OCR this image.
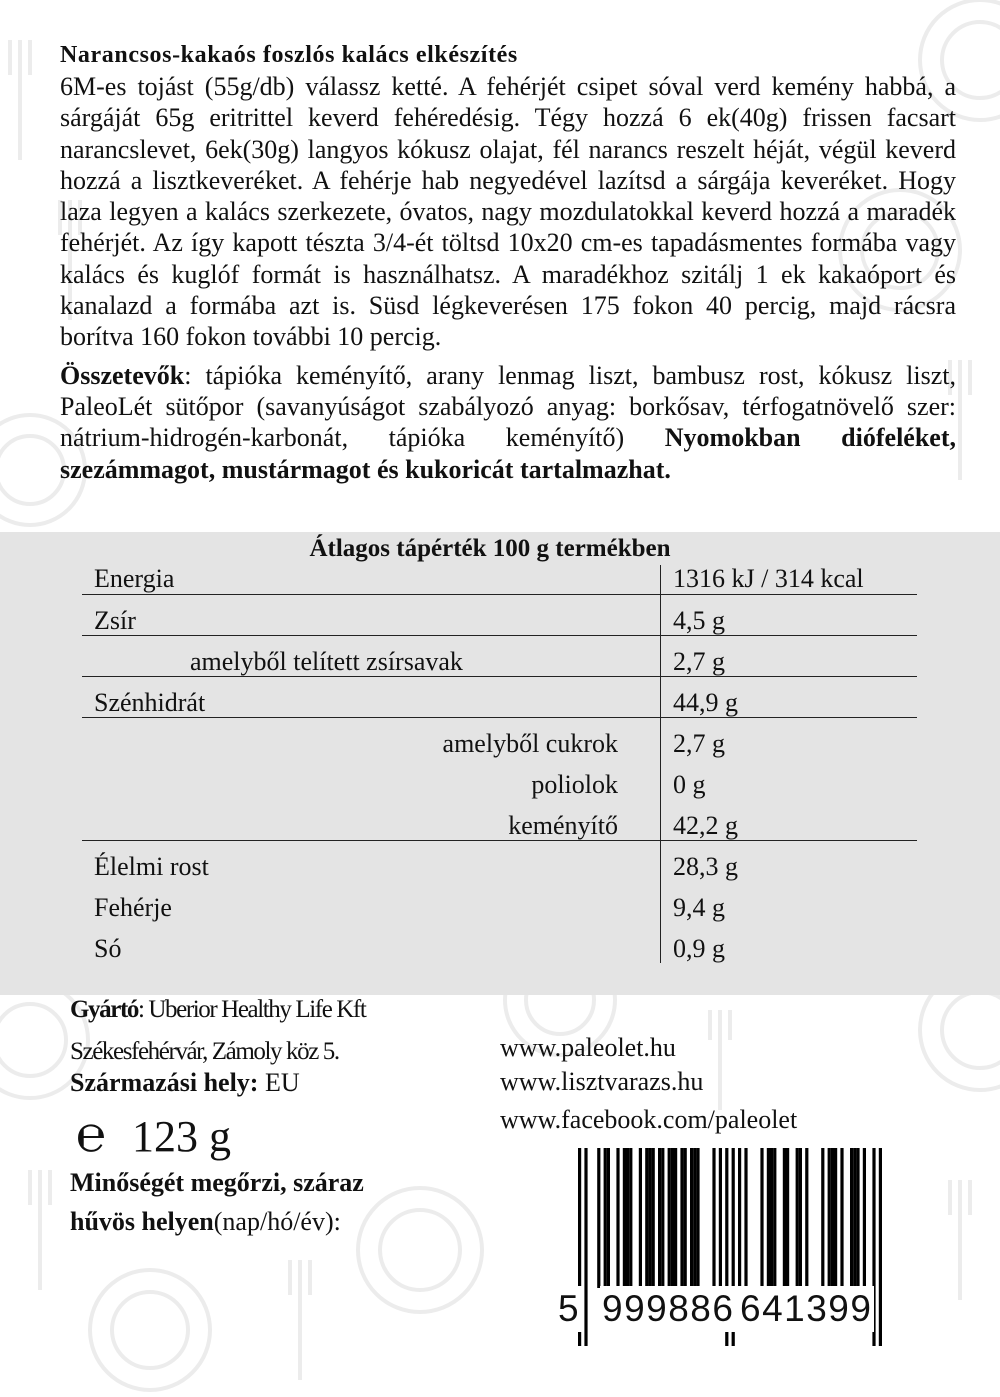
Narancsos-kakaós foszlós kalács elkészítés

6M-es tojást (55g/db) válassz ketté. A fehérjét csipet sóval verd kemény habbá, a sárgáját 65g eritrittel keverd fehéredésig. Tégy hozzá 6 ek(40g) frissen facsart narancslevet, 6ek(30g) langyos kókusz olajat, fél narancs reszelt héját, végül keverd hozzá a lisztkeveréket. A fehérje hab negyedével lazítsd a sárgája keveréket. Hogy laza legyen a kalács szerkezete, óvatos, nagy mozdulatokkal keverd hozzá a maradék fehérjét. Az így kapott tészta 3/4-ét töltsd 10x20 cm-es tapadásmentes formába vagy kalács és kuglóf formát is használhatsz. A maradékhoz szitálj 1 ek kakaóport és kanalazd a formába azt is. Süsd légkeverésen 175 fokon 40 percig, majd rácsra borítva 160 fokon további 10 percig.

Összetevők: tápióka keményítő, arany lenmag liszt, bambusz rost, kókusz liszt, PaleoLét sütőpor (savanyúságot szabályozó anyag: borkősav, térfogatnövelő szer: nátrium-hidrogén-karbonát, tápióka keményítő) Nyomokban diófeléket, szezámmagot, mustármagot és kukoricát tartalmazhat.

Átlagos tápérték 100 g termékben

Energia	1316 kJ / 314 kcal
Zsír	4,5 g
amelyből telített zsírsavak	2,7 g
Szénhidrát	44,9 g
amelyből cukrok	2,7 g
poliolok	0 g
keményítő	42,2 g
Élelmi rost	28,3 g
Fehérje	9,4 g
Só	0,9 g

Gyártó: Uberior Healthy Life Kft

Székesfehérvár, Zámoly köz 5.

Származási hely: EU

℮ 123 g

Minőségét megőrzi, száraz

hűvös helyen(nap/hó/év):

www.paleolet.hu
www.lisztvarazs.hu
www.facebook.com/paleolet
5 999886 641399
